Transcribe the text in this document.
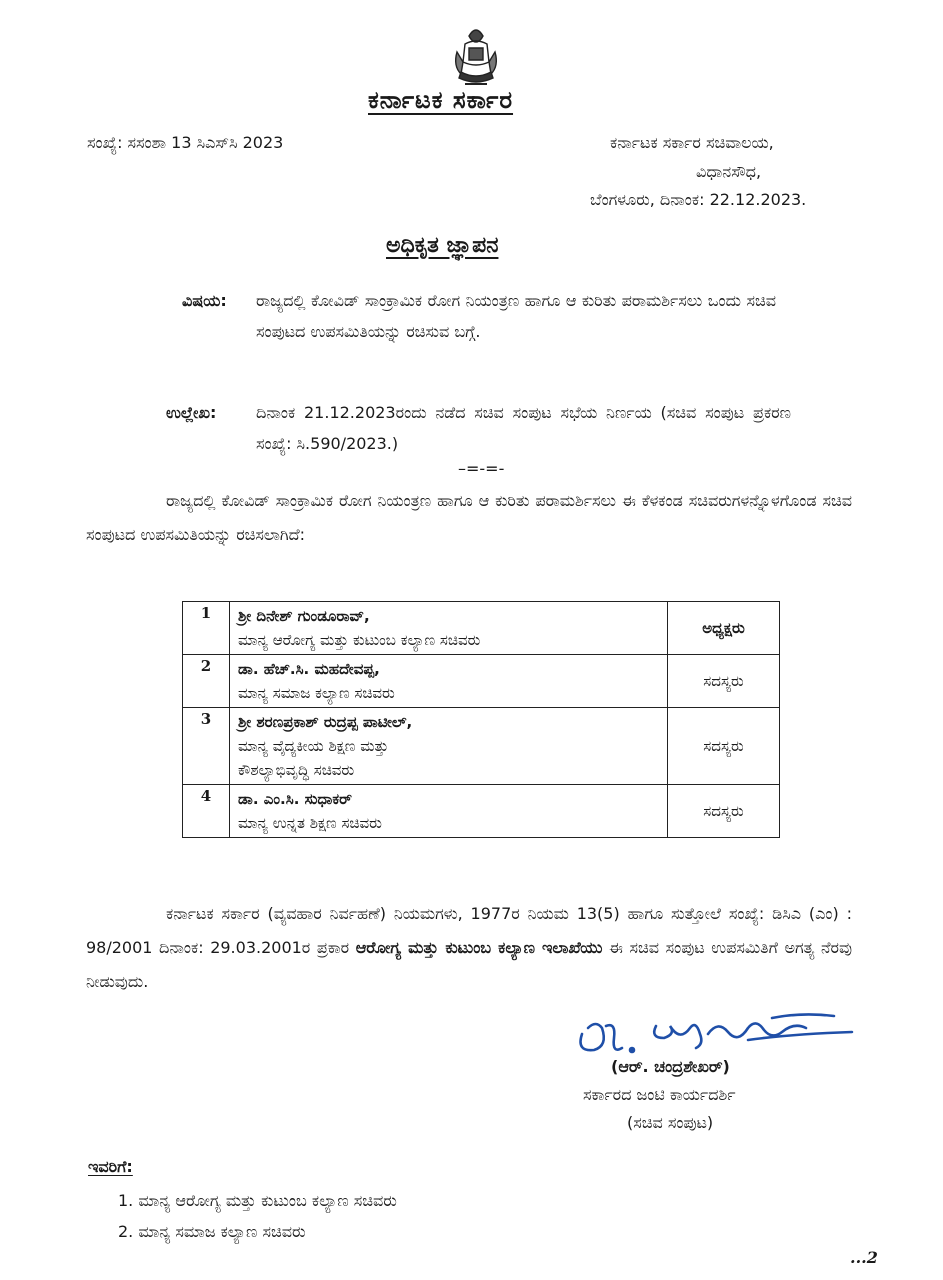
ಕರ್ನಾಟಕ ಸರ್ಕಾರ
ಸಂಖ್ಯೆ: ಸಸಂಶಾ 13 ಸಿಎಸ್‌ಸಿ 2023	ಕರ್ನಾಟಕ ಸರ್ಕಾರ ಸಚಿವಾಲಯ,
ವಿಧಾನಸೌಧ,
ಬೆಂಗಳೂರು, ದಿನಾಂಕ: 22.12.2023.
ಅಧಿಕೃತ ಜ್ಞಾಪನ
ವಿಷಯ: ರಾಜ್ಯದಲ್ಲಿ ಕೋವಿಡ್ ಸಾಂಕ್ರಾಮಿಕ ರೋಗ ನಿಯಂತ್ರಣ ಹಾಗೂ ಆ ಕುರಿತು ಪರಾಮರ್ಶಿಸಲು ಒಂದು ಸಚಿವ ಸಂಪುಟದ ಉಪಸಮಿತಿಯನ್ನು ರಚಿಸುವ ಬಗ್ಗೆ.
ಉಲ್ಲೇಖ: ದಿನಾಂಕ 21.12.2023ರಂದು ನಡೆದ ಸಚಿವ ಸಂಪುಟ ಸಭೆಯ ನಿರ್ಣಯ (ಸಚಿವ ಸಂಪುಟ ಪ್ರಕರಣ ಸಂಖ್ಯೆ: ಸಿ.590/2023.)
–=-=-
ರಾಜ್ಯದಲ್ಲಿ ಕೋವಿಡ್ ಸಾಂಕ್ರಾಮಿಕ ರೋಗ ನಿಯಂತ್ರಣ ಹಾಗೂ ಆ ಕುರಿತು ಪರಾಮರ್ಶಿಸಲು ಈ ಕೆಳಕಂಡ ಸಚಿವರುಗಳನ್ನೊಳಗೊಂಡ ಸಚಿವ ಸಂಪುಟದ ಉಪಸಮಿತಿಯನ್ನು ರಚಿಸಲಾಗಿದೆ:
1	ಶ್ರೀ ದಿನೇಶ್ ಗುಂಡೂರಾವ್,
ಮಾನ್ಯ ಆರೋಗ್ಯ ಮತ್ತು ಕುಟುಂಬ ಕಲ್ಯಾಣ ಸಚಿವರು	ಅಧ್ಯಕ್ಷರು
2	ಡಾ. ಹೆಚ್.ಸಿ. ಮಹದೇವಪ್ಪ,
ಮಾನ್ಯ ಸಮಾಜ ಕಲ್ಯಾಣ ಸಚಿವರು	ಸದಸ್ಯರು
3	ಶ್ರೀ ಶರಣಪ್ರಕಾಶ್ ರುದ್ರಪ್ಪ ಪಾಟೀಲ್,
ಮಾನ್ಯ ವೈದ್ಯಕೀಯ ಶಿಕ್ಷಣ ಮತ್ತು
ಕೌಶಲ್ಯಾಭಿವೃದ್ಧಿ ಸಚಿವರು	ಸದಸ್ಯರು
4	ಡಾ. ಎಂ.ಸಿ. ಸುಧಾಕರ್
ಮಾನ್ಯ ಉನ್ನತ ಶಿಕ್ಷಣ ಸಚಿವರು	ಸದಸ್ಯರು
ಕರ್ನಾಟಕ ಸರ್ಕಾರ (ವ್ಯವಹಾರ ನಿರ್ವಹಣೆ) ನಿಯಮಗಳು, 1977ರ ನಿಯಮ 13(5) ಹಾಗೂ ಸುತ್ತೋಲೆ ಸಂಖ್ಯೆ: ಡಿಸಿಎ (ಎಂ) : 98/2001 ದಿನಾಂಕ: 29.03.2001ರ ಪ್ರಕಾರ ಆರೋಗ್ಯ ಮತ್ತು ಕುಟುಂಬ ಕಲ್ಯಾಣ ಇಲಾಖೆಯು ಈ ಸಚಿವ ಸಂಪುಟ ಉಪಸಮಿತಿಗೆ ಅಗತ್ಯ ನೆರವು ನೀಡುವುದು.
(ಆರ್. ಚಂದ್ರಶೇಖರ್)
ಸರ್ಕಾರದ ಜಂಟಿ ಕಾರ್ಯದರ್ಶಿ
(ಸಚಿವ ಸಂಪುಟ)
ಇವರಿಗೆ:
1. ಮಾನ್ಯ ಆರೋಗ್ಯ ಮತ್ತು ಕುಟುಂಬ ಕಲ್ಯಾಣ ಸಚಿವರು
2. ಮಾನ್ಯ ಸಮಾಜ ಕಲ್ಯಾಣ ಸಚಿವರು
...2
